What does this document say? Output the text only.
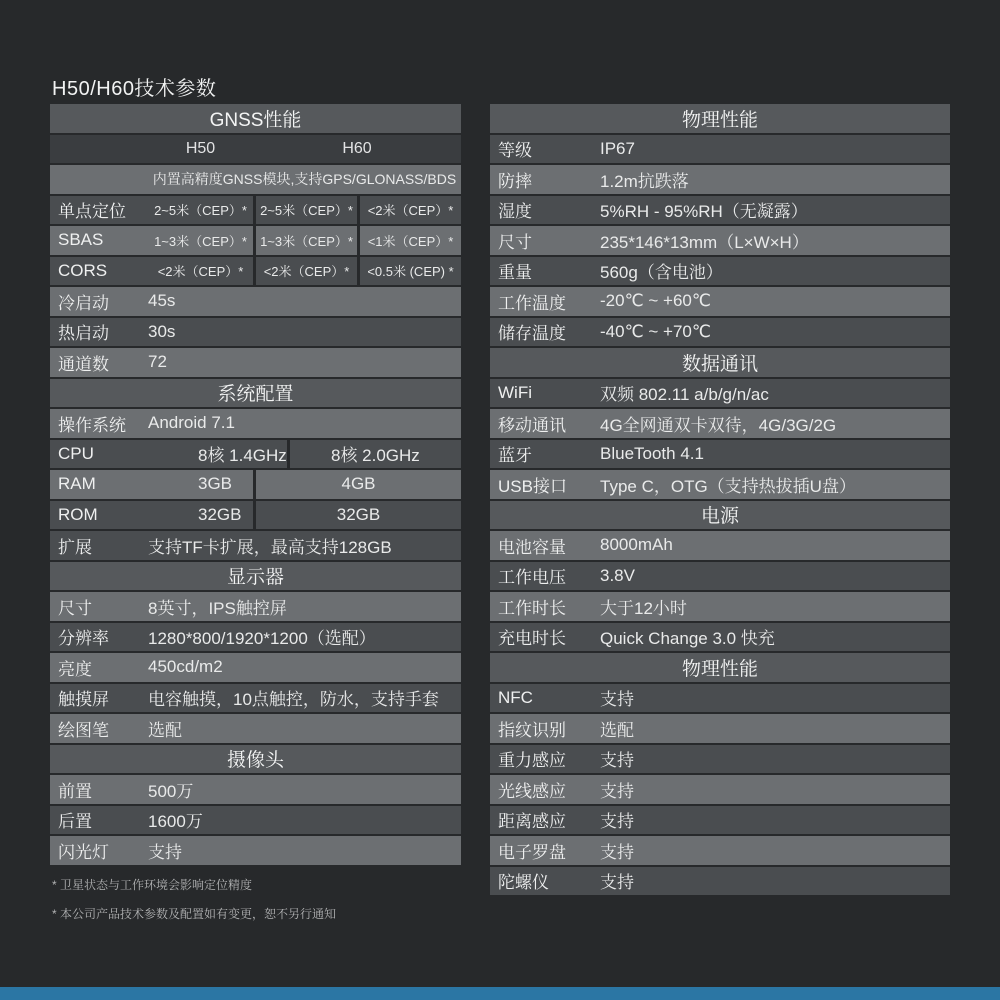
H50/H60技术参数
GNSS性能
H50	H60
内置高精度GNSS模块,支持GPS/GLONASS/BDS
单点定位	2~5米（CEP）*	2~5米（CEP）*	<2米（CEP）*
SBAS	1~3米（CEP）*	1~3米（CEP）*	<1米（CEP）*
CORS	<2米（CEP）*	<2米（CEP）*	<0.5米 (CEP) *
冷启动	45s
热启动	30s
通道数	72
系统配置
操作系统	Android 7.1
CPU	8核 1.4GHz	8核 2.0GHz
RAM	3GB	4GB
ROM	32GB	32GB
扩展	支持TF卡扩展，最高支持128GB
显示器
尺寸	8英寸，IPS触控屏
分辨率	1280*800/1920*1200（选配）
亮度	450cd/m2
触摸屏	电容触摸，10点触控，防水，支持手套
绘图笔	选配
摄像头
前置	500万
后置	1600万
闪光灯	支持
物理性能
等级	IP67
防摔	1.2m抗跌落
湿度	5%RH - 95%RH（无凝露）
尺寸	235*146*13mm（L×W×H）
重量	560g（含电池）
工作温度	-20℃ ~ +60℃
储存温度	-40℃ ~ +70℃
数据通讯
WiFi	双频 802.11 a/b/g/n/ac
移动通讯	4G全网通双卡双待，4G/3G/2G
蓝牙	BlueTooth 4.1
USB接口	Type C，OTG（支持热拔插U盘）
电源
电池容量	8000mAh
工作电压	3.8V
工作时长	大于12小时
充电时长	Quick Change 3.0 快充
物理性能
NFC	支持
指纹识别	选配
重力感应	支持
光线感应	支持
距离感应	支持
电子罗盘	支持
陀螺仪	支持
* 卫星状态与工作环境会影响定位精度
* 本公司产品技术参数及配置如有变更，恕不另行通知
